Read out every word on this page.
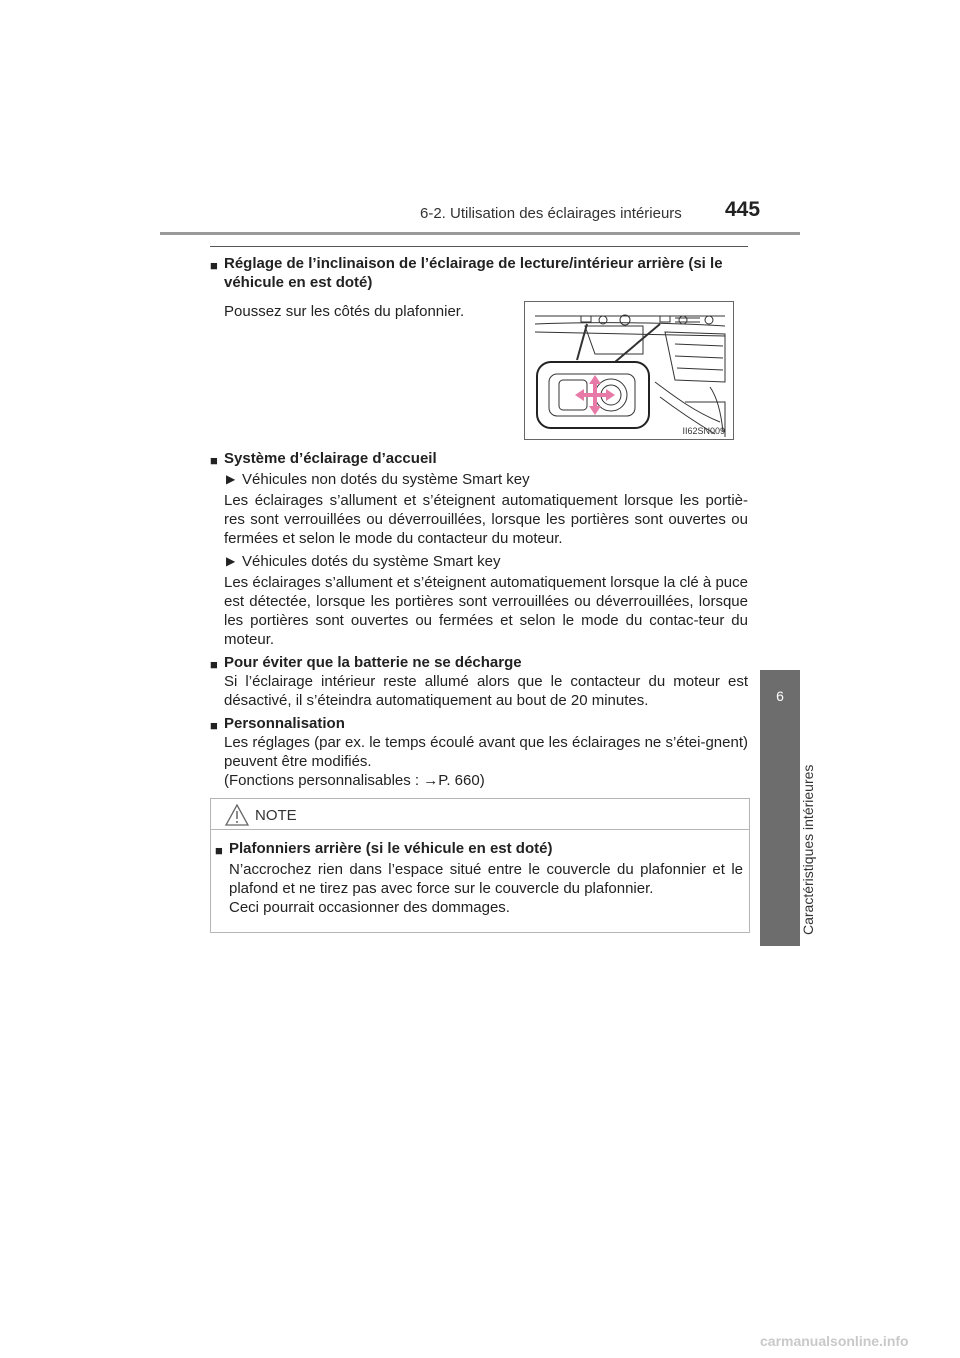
6-2. Utilisation des éclairages intérieurs 445
6
Caractéristiques intérieures

■ Réglage de l’inclinaison de l’éclairage de lecture/intérieur arrière (si le véhicule en est doté)

Poussez sur les côtés du plafonnier.

■ Système d’éclairage d’accueil

▶ Véhicules non dotés du système Smart key

Les éclairages s’allument et s’éteignent automatiquement lorsque les portiè-res sont verrouillées ou déverrouillées, lorsque les portières sont ouvertes ou fermées et selon le mode du contacteur du moteur.

▶ Véhicules dotés du système Smart key

Les éclairages s’allument et s’éteignent automatiquement lorsque la clé à puce est détectée, lorsque les portières sont verrouillées ou déverrouillées, lorsque les portières sont ouvertes ou fermées et selon le mode du contac-teur du moteur.

■ Pour éviter que la batterie ne se décharge

Si l’éclairage intérieur reste allumé alors que le contacteur du moteur est désactivé, il s’éteindra automatiquement au bout de 20 minutes.

■ Personnalisation

Les réglages (par ex. le temps écoulé avant que les éclairages ne s’étei-gnent) peuvent être modifiés.

(Fonctions personnalisables : →P. 660)

II62SN009
NOTE

■ Plafonniers arrière (si le véhicule en est doté)

N’accrochez rien dans l’espace situé entre le couvercle du plafonnier et le plafond et ne tirez pas avec force sur le couvercle du plafonnier.

Ceci pourrait occasionner des dommages.

carmanualsonline.info
